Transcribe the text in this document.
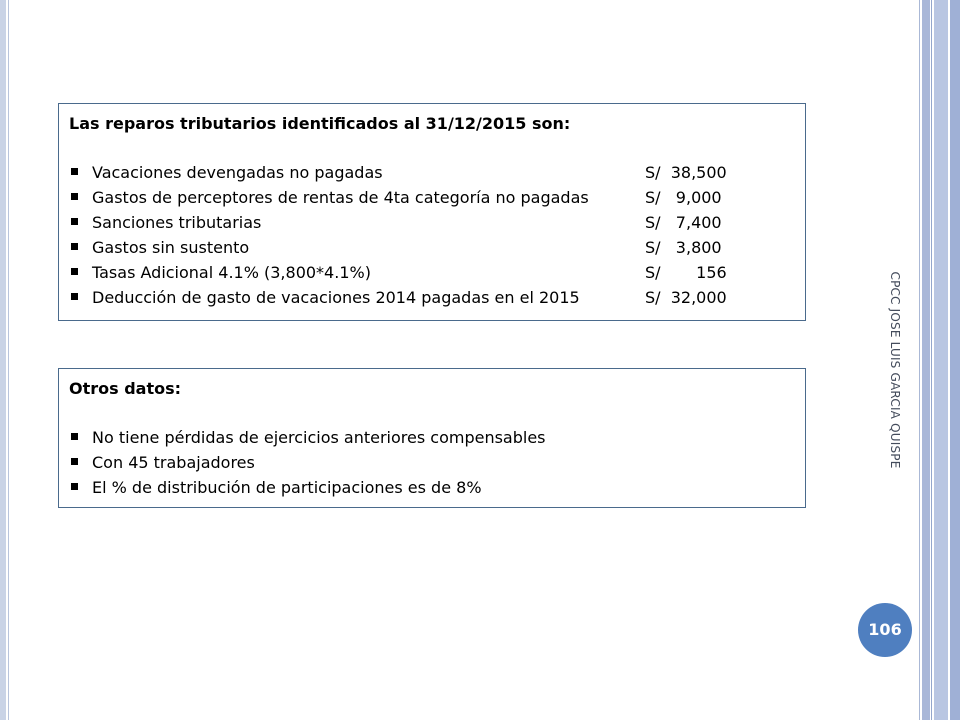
Las reparos tributarios identificados al 31/12/2015 son:
Vacaciones devengadas no pagadas	S/  38,500
Gastos de perceptores de rentas de 4ta categoría no pagadas	S/   9,000
Sanciones tributarias	S/   7,400
Gastos sin sustento	S/   3,800
Tasas Adicional 4.1% (3,800*4.1%)	S/       156
Deducción de gasto de vacaciones 2014 pagadas en el 2015	S/  32,000
Otros datos:
No tiene pérdidas de ejercicios anteriores compensables
Con 45 trabajadores
El % de distribución de participaciones es de 8%
CPCC JOSE LUIS GARCIA QUISPE
106
